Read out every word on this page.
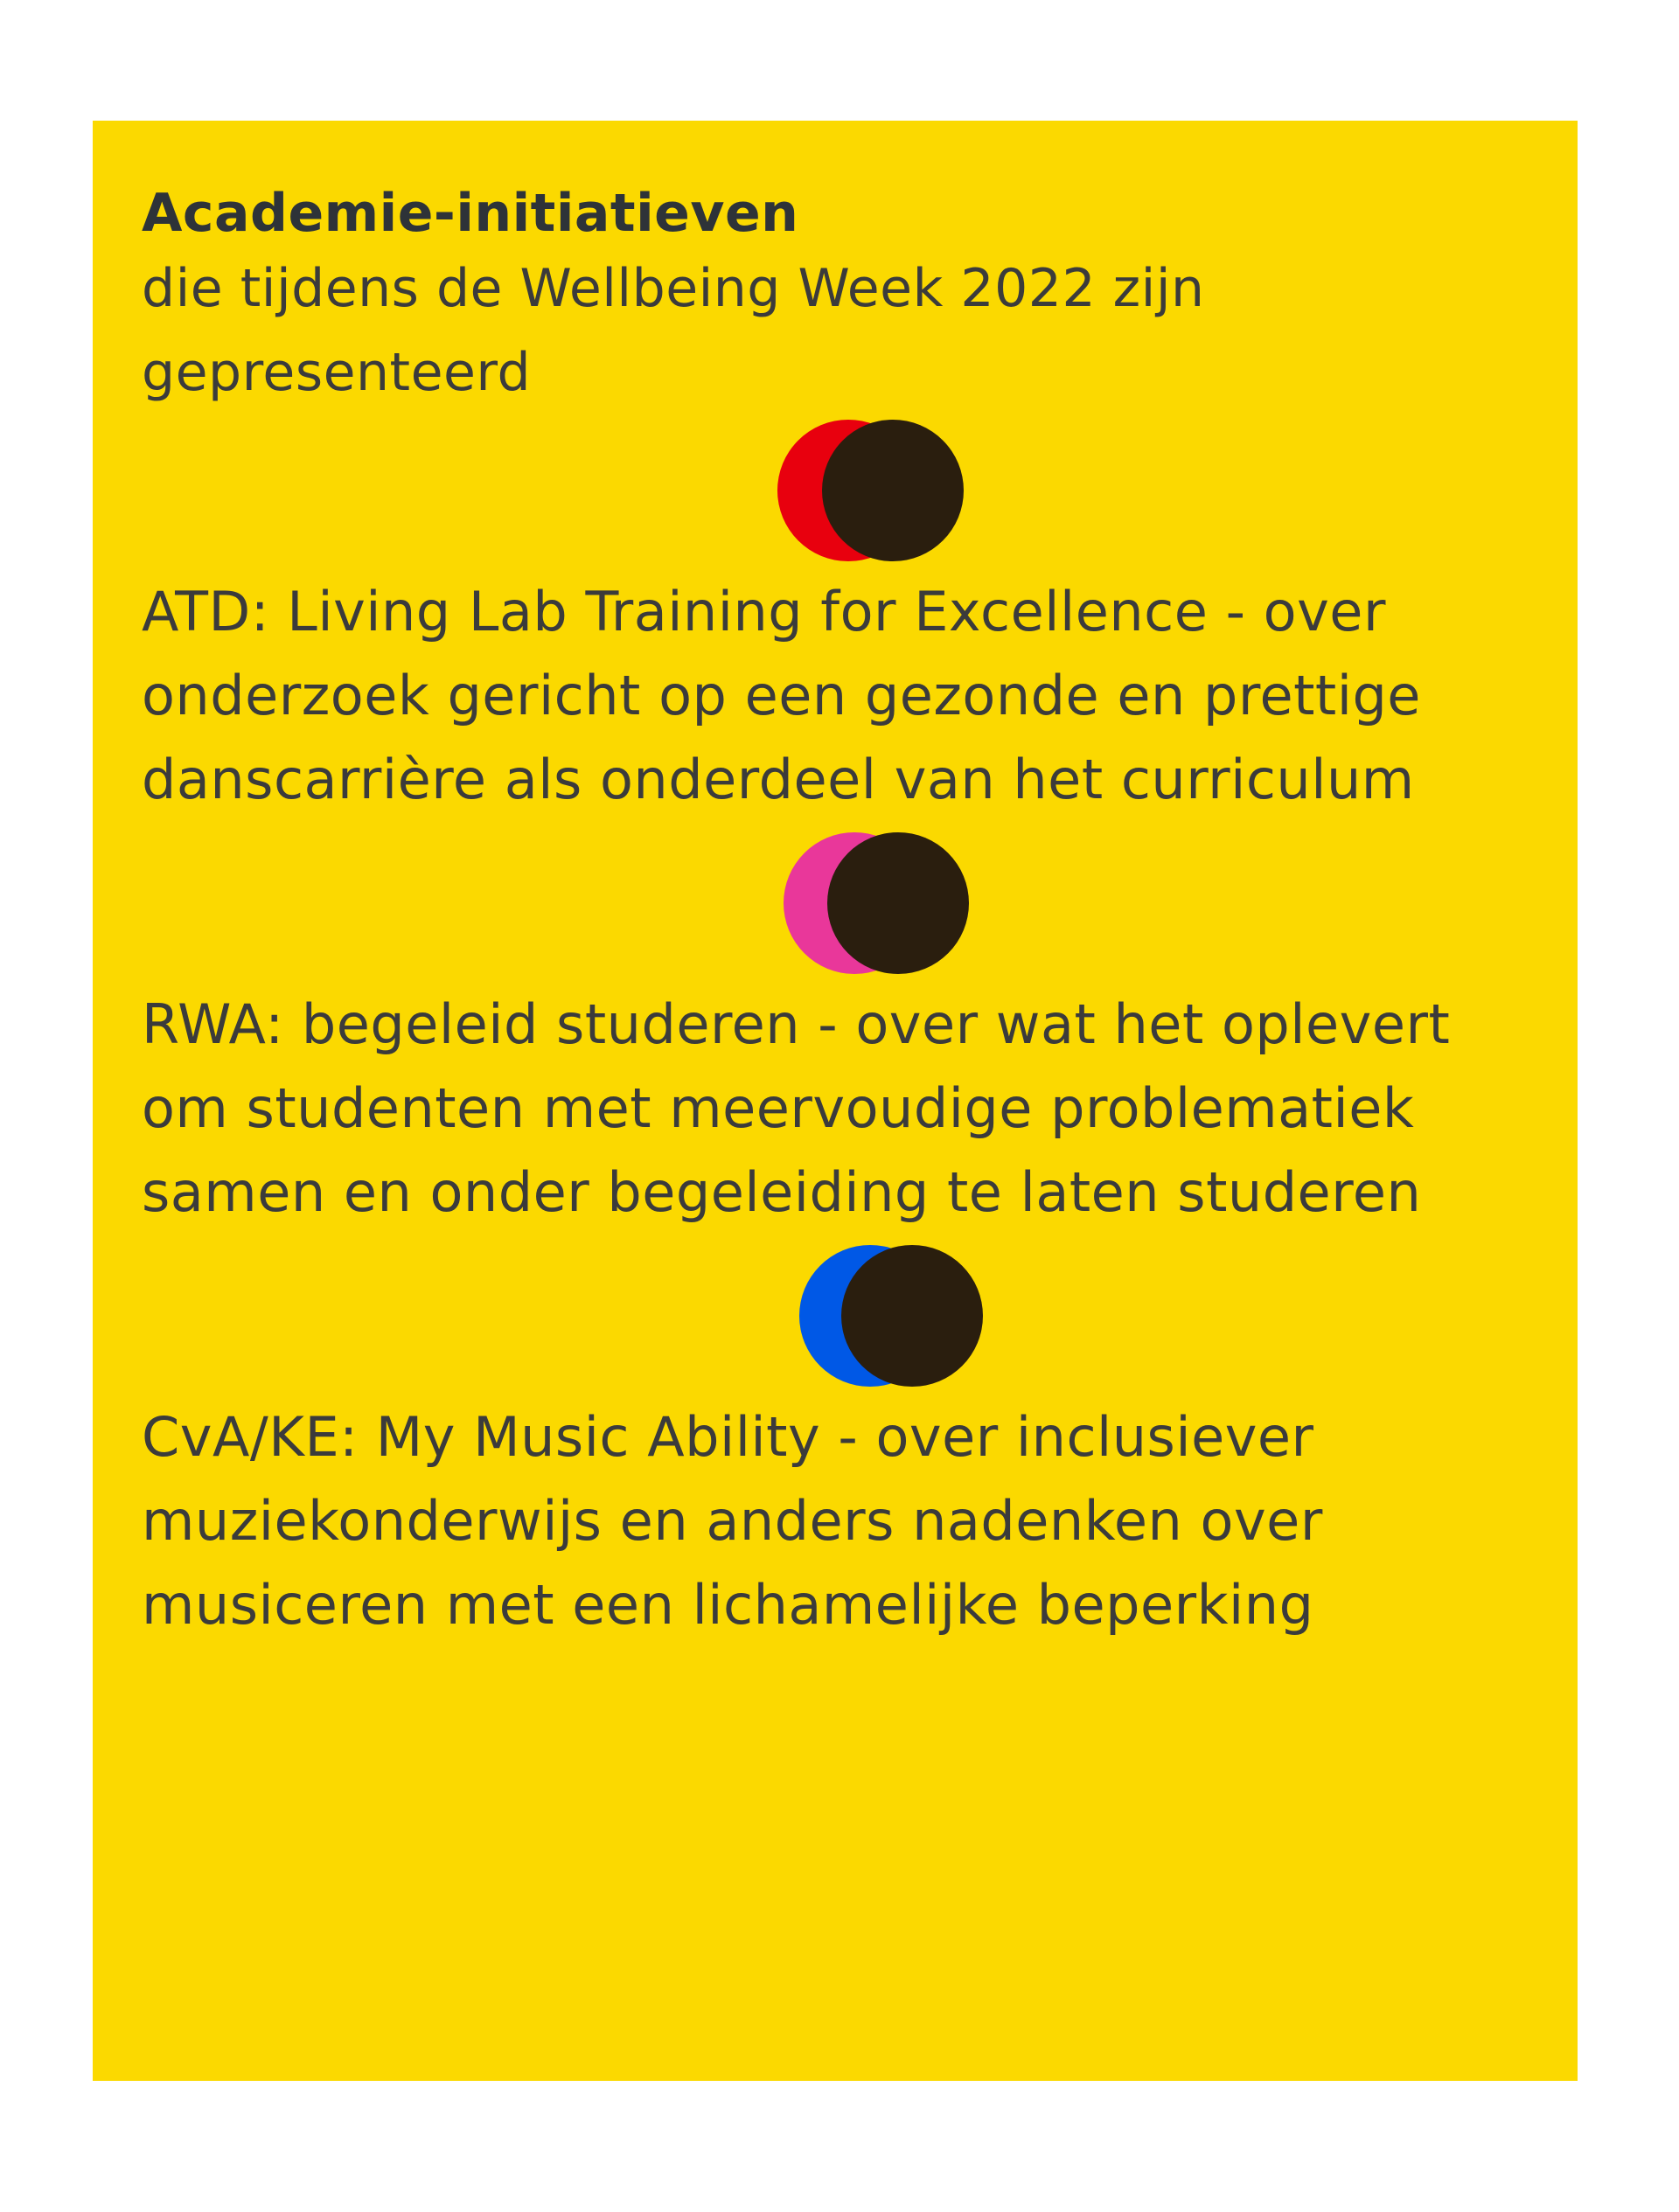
Academie-initiatieven

die tijdens de Wellbeing Week 2022 zijn gepresenteerd

ATD: Living Lab Training for Excellence - over onderzoek gericht op een gezonde en prettige danscarrière als onderdeel van het curriculum

RWA: begeleid studeren - over wat het oplevert om studenten met meervoudige problematiek samen en onder begeleiding te laten studeren

CvA/KE: My Music Ability - over inclusiever muziekonderwijs en anders nadenken over musiceren met een lichamelijke beperking
